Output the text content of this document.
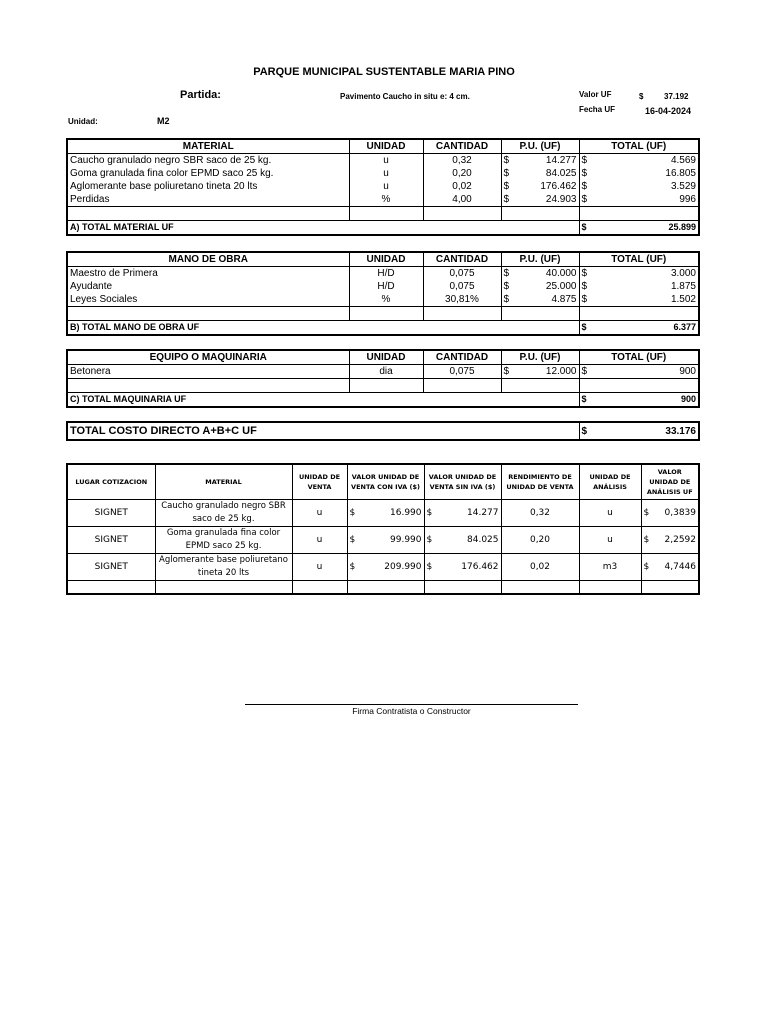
PARQUE MUNICIPAL SUSTENTABLE MARIA PINO
Partida:	Pavimento Caucho in situ e: 4 cm.	Valor UF	$	37.192
Fecha UF	16-04-2024
Unidad:	M2
MATERIAL	UNIDAD	CANTIDAD	P.U. (UF)	TOTAL (UF)
Caucho granulado negro SBR saco de 25 kg.	u	0,32	$ 14.277	$ 4.569

Goma granulada fina color EPMD saco 25 kg.	u	0,20	$ 84.025	$ 16.805

Aglomerante base poliuretano tineta 20 lts	u	0,02	$ 176.462	$ 3.529

Perdidas	%	4,00	$ 24.903	$ 996

A) TOTAL MATERIAL UF				$ 25.899
MANO DE OBRA	UNIDAD	CANTIDAD	P.U. (UF)	TOTAL (UF)
Maestro de Primera	H/D	0,075	$ 40.000	$ 3.000

Ayudante	H/D	0,075	$ 25.000	$ 1.875

Leyes Sociales	%	30,81%	$ 4.875	$ 1.502

B) TOTAL MANO DE OBRA UF				$ 6.377
EQUIPO O MAQUINARIA	UNIDAD	CANTIDAD	P.U. (UF)	TOTAL (UF)
Betonera	dia	0,075	$ 12.000	$ 900

C) TOTAL MAQUINARIA UF				$ 900
TOTAL COSTO DIRECTO A+B+C UF	$	33.176
LUGAR COTIZACION	MATERIAL	UNIDAD DE VENTA	VALOR UNIDAD DE VENTA CON IVA ($)	VALOR UNIDAD DE VENTA SIN IVA ($)	RENDIMIENTO DE UNIDAD DE VENTA	UNIDAD DE ANÁLISIS	VALOR UNIDAD DE ANÁLISIS UF
SIGNET	Caucho granulado negro SBR saco de 25 kg.	u	$ 16.990	$ 14.277	0,32	u	$ 0,3839

SIGNET	Goma granulada fina color EPMD saco 25 kg.	u	$ 99.990	$ 84.025	0,20	u	$ 2,2592

SIGNET	Aglomerante base poliuretano tineta 20 lts	u	$ 209.990	$ 176.462	0,02	m3	$ 4,7446

Firma Contratista o Constructor
